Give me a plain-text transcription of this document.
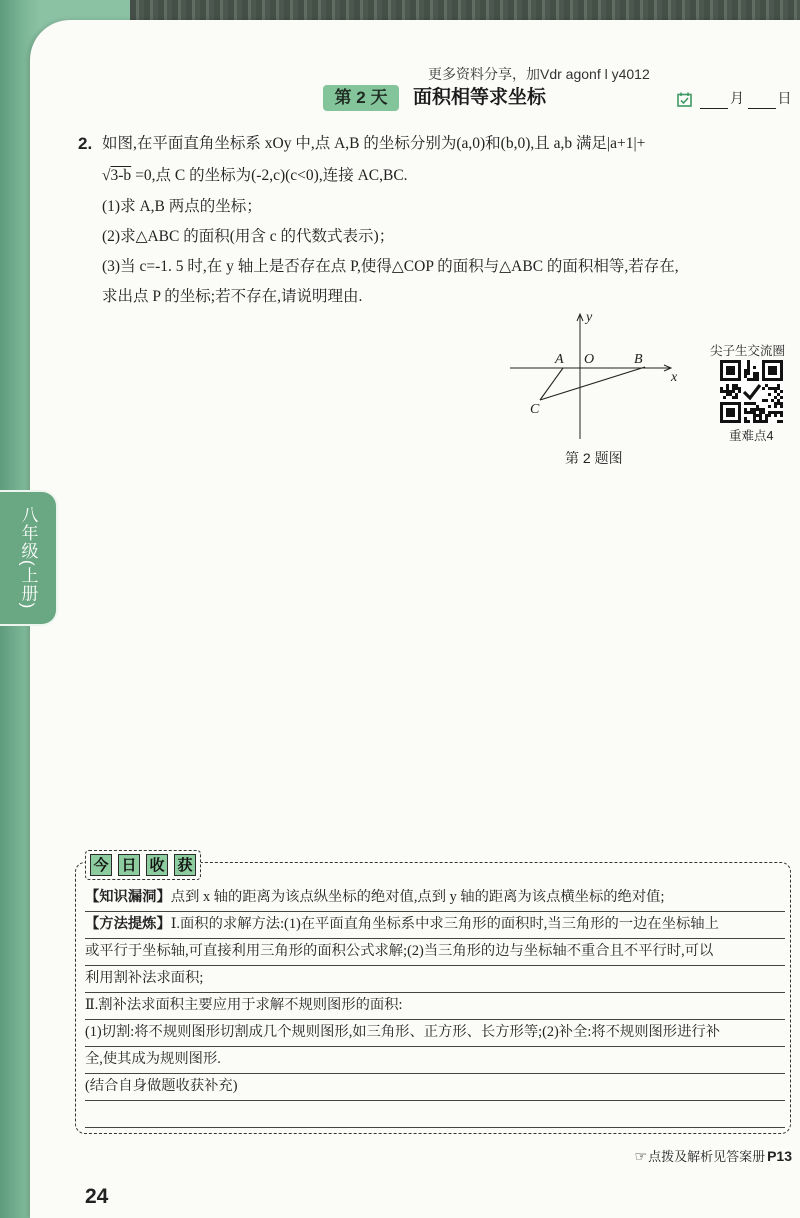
八年级(上册)
更多资料分享，加Vdr agonf l y4012
第 2 天	面积相等求坐标	月 日
2. 如图,在平面直角坐标系 xOy 中,点 A,B 的坐标分别为(a,0)和(b,0),且 a,b 满足|a+1|+
√3-b =0,点 C 的坐标为(-2,c)(c<0),连接 AC,BC.
(1)求 A,B 两点的坐标；
(2)求△ABC 的面积(用含 c 的代数式表示)；
(3)当 c=-1. 5 时,在 y 轴上是否存在点 P,使得△COP 的面积与△ABC 的面积相等,若存在,
求出点 P 的坐标;若不存在,请说明理由.
y
A O	B
x
C
第 2 题图
尖子生交流圈
重难点4
今 日 收 获
【知识漏洞】点到 x 轴的距离为该点纵坐标的绝对值,点到 y 轴的距离为该点横坐标的绝对值;
【方法提炼】Ⅰ.面积的求解方法:(1)在平面直角坐标系中求三角形的面积时,当三角形的一边在坐标轴上
或平行于坐标轴,可直接利用三角形的面积公式求解;(2)当三角形的边与坐标轴不重合且不平行时,可以
利用割补法求面积;
Ⅱ.割补法求面积主要应用于求解不规则图形的面积:
(1)切割:将不规则图形切割成几个规则图形,如三角形、正方形、长方形等;(2)补全:将不规则图形进行补
全,使其成为规则图形.
(结合自身做题收获补充)
☞ 点拨及解析见答案册 P13
24
